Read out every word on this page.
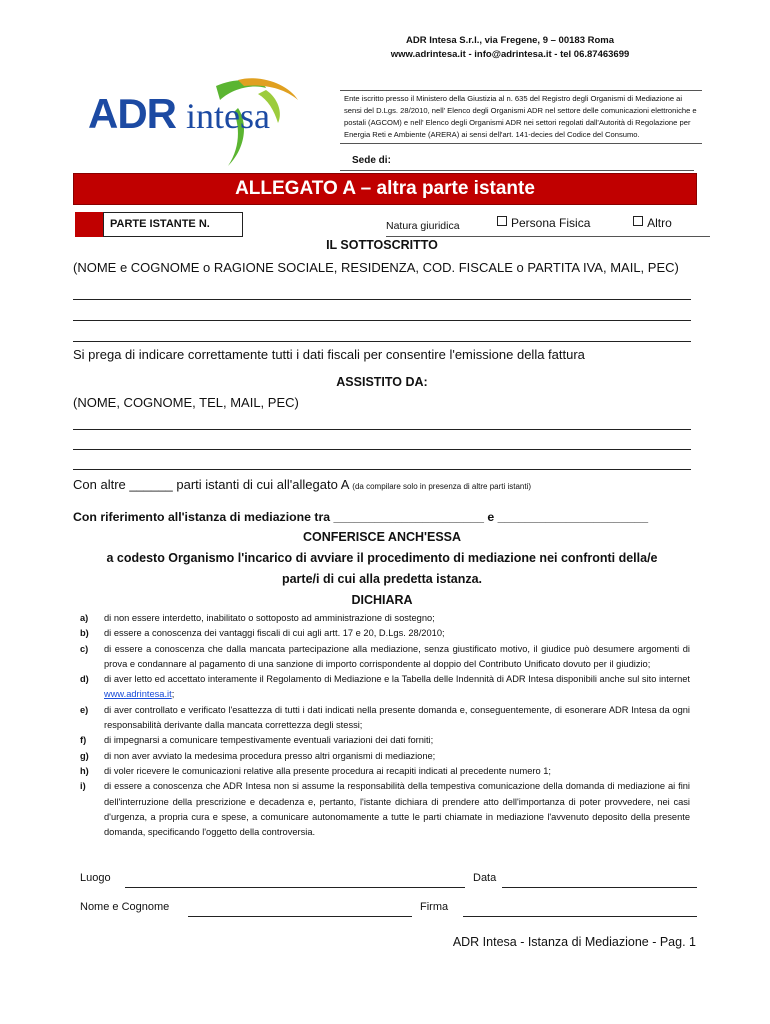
ADR intesa
ADR Intesa S.r.l., via Fregene, 9 – 00183 Roma
www.adrintesa.it - info@adrintesa.it - tel 06.87463699
Ente iscritto presso il Ministero della Giustizia al n. 635 del Registro degli Organismi di Mediazione ai sensi del D.Lgs. 28/2010, nell' Elenco degli Organismi ADR nel settore delle comunicazioni elettroniche e postali (AGCOM) e nell' Elenco degli Organismi ADR nei settori regolati dall'Autorità di Regolazione per Energia Reti e Ambiente (ARERA) ai sensi dell'art. 141-decies del Codice del Consumo.
Sede di:
ALLEGATO A – altra parte istante
PARTE ISTANTE N.	Natura giuridica	Persona Fisica	Altro
IL SOTTOSCRITTO
(NOME e COGNOME o RAGIONE SOCIALE, RESIDENZA, COD. FISCALE o PARTITA IVA, MAIL, PEC)
Si prega di indicare correttamente tutti i dati fiscali per consentire l'emissione della fattura
ASSISTITO DA:
(NOME, COGNOME, TEL, MAIL, PEC)
Con altre ______ parti istanti di cui all'allegato A (da compilare solo in presenza di altre parti istanti)
Con riferimento all'istanza di mediazione tra ______________________ e ______________________
CONFERISCE ANCH'ESSA
a codesto Organismo l'incarico di avviare il procedimento di mediazione nei confronti della/e
parte/i di cui alla predetta istanza.
DICHIARA
a)	di non essere interdetto, inabilitato o sottoposto ad amministrazione di sostegno;
b)	di essere a conoscenza dei vantaggi fiscali di cui agli artt. 17 e 20, D.Lgs. 28/2010;
c)	di essere a conoscenza che dalla mancata partecipazione alla mediazione, senza giustificato motivo, il giudice può desumere argomenti di prova e condannare al pagamento di una sanzione di importo corrispondente al doppio del Contributo Unificato dovuto per il giudizio;
d)	di aver letto ed accettato interamente il Regolamento di Mediazione e la Tabella delle Indennità di ADR Intesa disponibili anche sul sito internet www.adrintesa.it;
e)	di aver controllato e verificato l'esattezza di tutti i dati indicati nella presente domanda e, conseguentemente, di esonerare ADR Intesa da ogni responsabilità derivante dalla mancata correttezza degli stessi;
f)	di impegnarsi a comunicare tempestivamente eventuali variazioni dei dati forniti;
g)	di non aver avviato la medesima procedura presso altri organismi di mediazione;
h)	di voler ricevere le comunicazioni relative alla presente procedura ai recapiti indicati al precedente numero 1;
i)	di essere a conoscenza che ADR Intesa non si assume la responsabilità della tempestiva comunicazione della domanda di mediazione ai fini dell'interruzione della prescrizione e decadenza e, pertanto, l'istante dichiara di prendere atto dell'importanza di poter provvedere, nei casi d'urgenza, a propria cura e spese, a comunicare autonomamente a tutte le parti chiamate in mediazione l'avvenuto deposito della presente domanda, specificando l'oggetto della controversia.
Luogo	Data
Nome e Cognome	Firma
ADR Intesa - Istanza di Mediazione - Pag. 1
